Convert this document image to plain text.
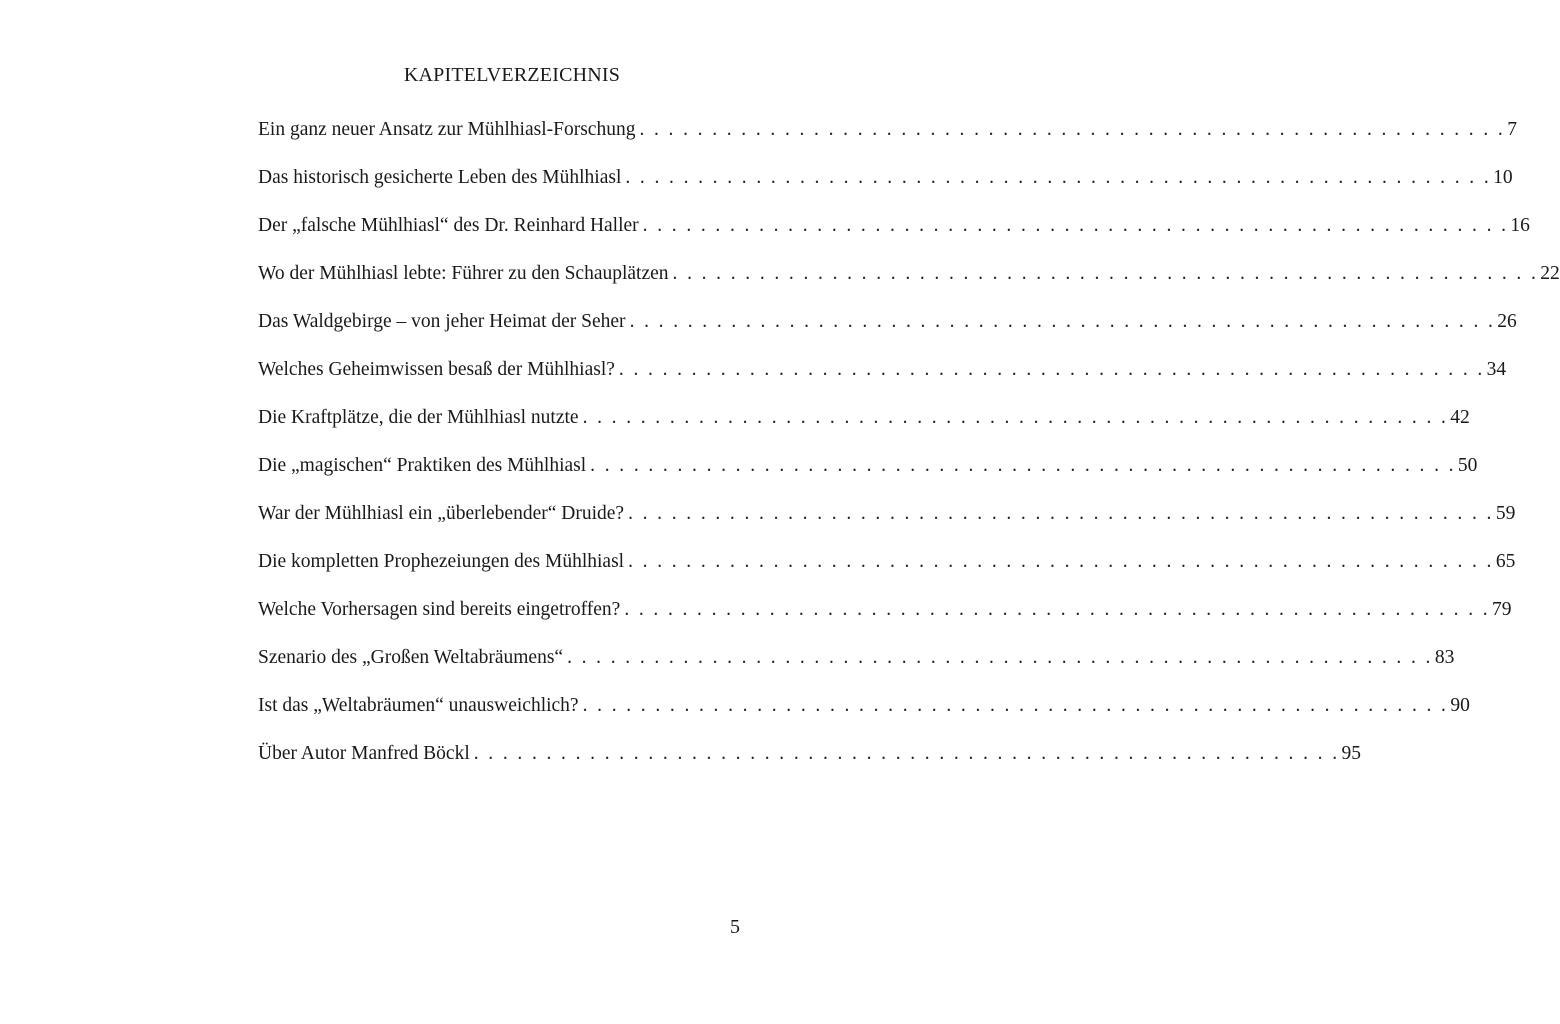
KAPITELVERZEICHNIS
Ein ganz neuer Ansatz zur Mühlhiasl-Forschung . . . . . . . . . . . . . . . . . . . . . . . . . . . . . . . . . . . . . . . . . . . . . . . . . . . . . . . . . . . . 7
Das historisch gesicherte Leben des Mühlhiasl . . . . . . . . . . . . . . . . . . . . . . . . . . . . . . . . . . . . . . . . . . . . . . . . . . . . . . . . . . . . 10
Der „falsche Mühlhiasl“ des Dr. Reinhard Haller . . . . . . . . . . . . . . . . . . . . . . . . . . . . . . . . . . . . . . . . . . . . . . . . . . . . . . . . . . . . 16
Wo der Mühlhiasl lebte: Führer zu den Schauplätzen . . . . . . . . . . . . . . . . . . . . . . . . . . . . . . . . . . . . . . . . . . . . . . . . . . . . . . . . . . . . 22
Das Waldgebirge – von jeher Heimat der Seher . . . . . . . . . . . . . . . . . . . . . . . . . . . . . . . . . . . . . . . . . . . . . . . . . . . . . . . . . . . . 26
Welches Geheimwissen besaß der Mühlhiasl? . . . . . . . . . . . . . . . . . . . . . . . . . . . . . . . . . . . . . . . . . . . . . . . . . . . . . . . . . . . . 34
Die Kraftplätze, die der Mühlhiasl nutzte . . . . . . . . . . . . . . . . . . . . . . . . . . . . . . . . . . . . . . . . . . . . . . . . . . . . . . . . . . . . 42
Die „magischen“ Praktiken des Mühlhiasl . . . . . . . . . . . . . . . . . . . . . . . . . . . . . . . . . . . . . . . . . . . . . . . . . . . . . . . . . . . . 50
War der Mühlhiasl ein „überlebender“ Druide? . . . . . . . . . . . . . . . . . . . . . . . . . . . . . . . . . . . . . . . . . . . . . . . . . . . . . . . . . . . . 59
Die kompletten Prophezeiungen des Mühlhiasl . . . . . . . . . . . . . . . . . . . . . . . . . . . . . . . . . . . . . . . . . . . . . . . . . . . . . . . . . . . . 65
Welche Vorhersagen sind bereits eingetroffen? . . . . . . . . . . . . . . . . . . . . . . . . . . . . . . . . . . . . . . . . . . . . . . . . . . . . . . . . . . . . 79
Szenario des „Großen Weltabräumens“ . . . . . . . . . . . . . . . . . . . . . . . . . . . . . . . . . . . . . . . . . . . . . . . . . . . . . . . . . . . . 83
Ist das „Weltabräumen“ unausweichlich? . . . . . . . . . . . . . . . . . . . . . . . . . . . . . . . . . . . . . . . . . . . . . . . . . . . . . . . . . . . . 90
Über Autor Manfred Böckl . . . . . . . . . . . . . . . . . . . . . . . . . . . . . . . . . . . . . . . . . . . . . . . . . . . . . . . . . . . . 95
5
